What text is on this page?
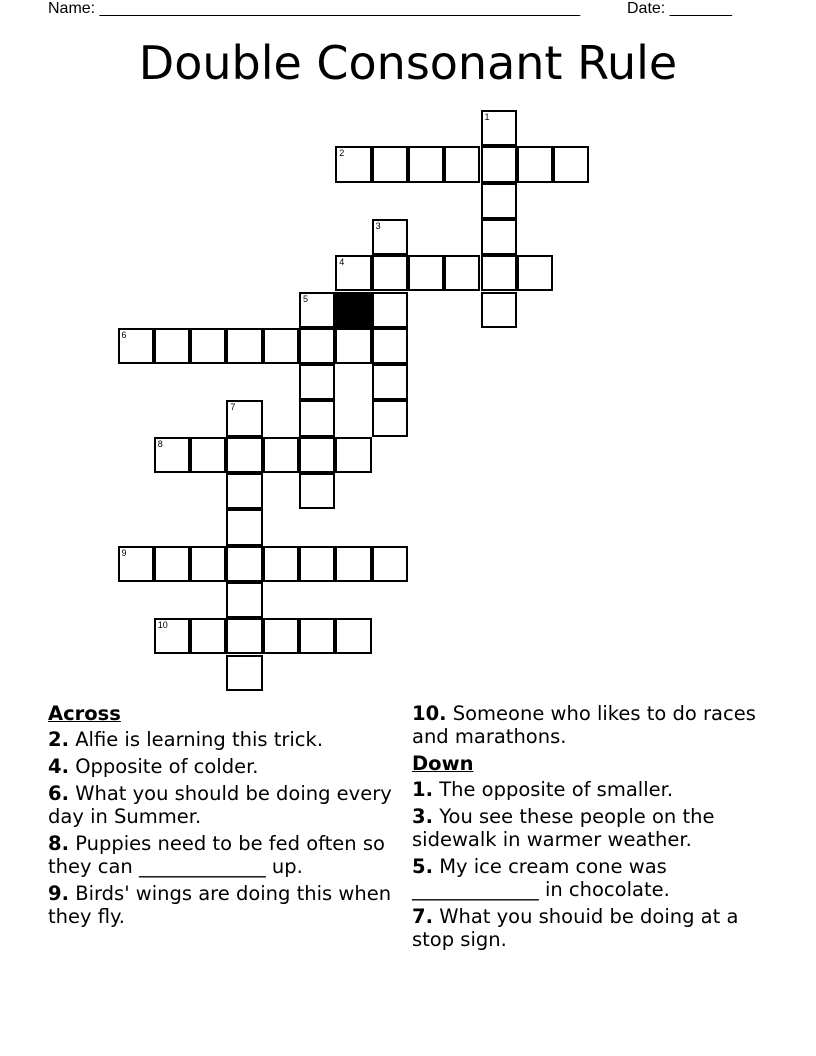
Name: ______________________________________________________	Date: _______
Double Consonant Rule
1
2
3
4
5
6
7
8
9
10
Across
2. Alfie is learning this trick.
4. Opposite of colder.
6. What you should be doing every day in Summer.
8. Puppies need to be fed often so they can _____________ up.
9. Birds' wings are doing this when they fly.
10. Someone who likes to do races and marathons.
Down
1. The opposite of smaller.
3. You see these people on the sidewalk in warmer weather.
5. My ice cream cone was _____________ in chocolate.
7. What you shouid be doing at a stop sign.
